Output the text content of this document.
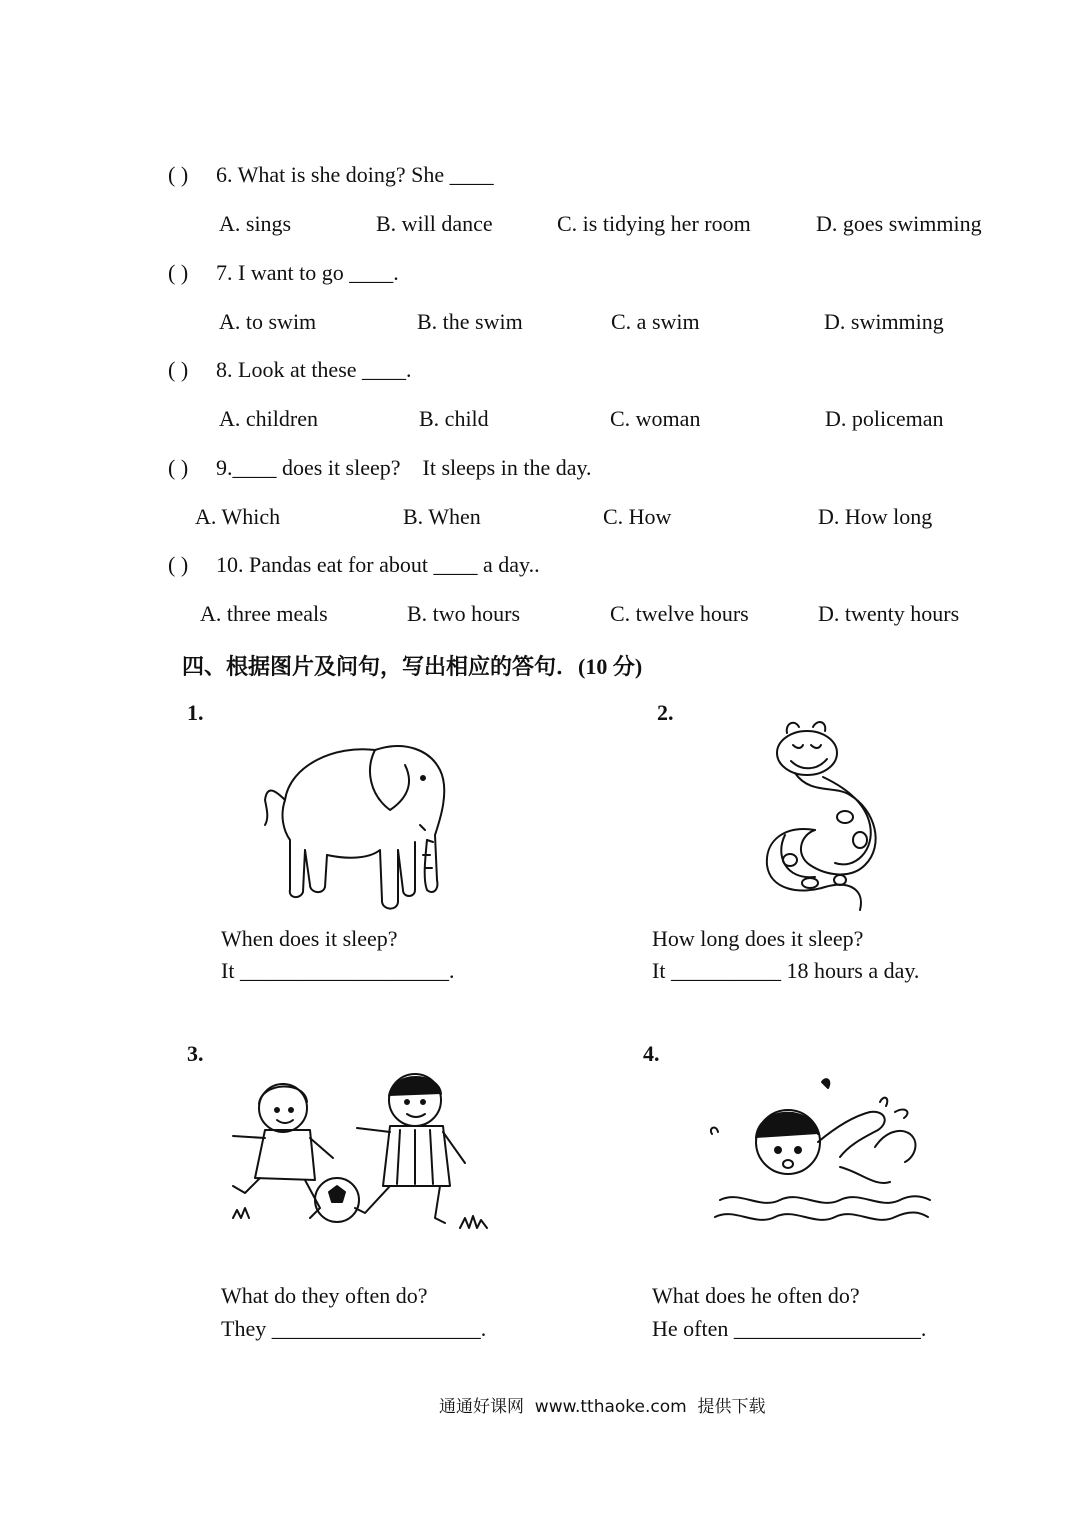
( ) 6. What is she doing? She ____
A. sings	B. will dance	C. is tidying her room	D. goes swimming
( ) 7. I want to go ____.
A. to swim	B. the swim	C. a swim	D. swimming
( ) 8. Look at these ____.
A. children	B. child	C. woman	D. policeman
( ) 9.____ does it sleep?    It sleeps in the day.
A. Which	B. When	C. How	D. How long
( ) 10. Pandas eat for about ____ a day..
A. three meals	B. two hours	C. twelve hours	D. twenty hours
四、根据图片及问句，写出相应的答句．(10 分)
1.
When does it sleep?
It ___________________.
2.
How long does it sleep?
It __________ 18 hours a day.
3.
What do they often do?
They ___________________.
4.
What does he often do?
He often _________________.
通通好课网  www.tthaoke.com  提供下载
